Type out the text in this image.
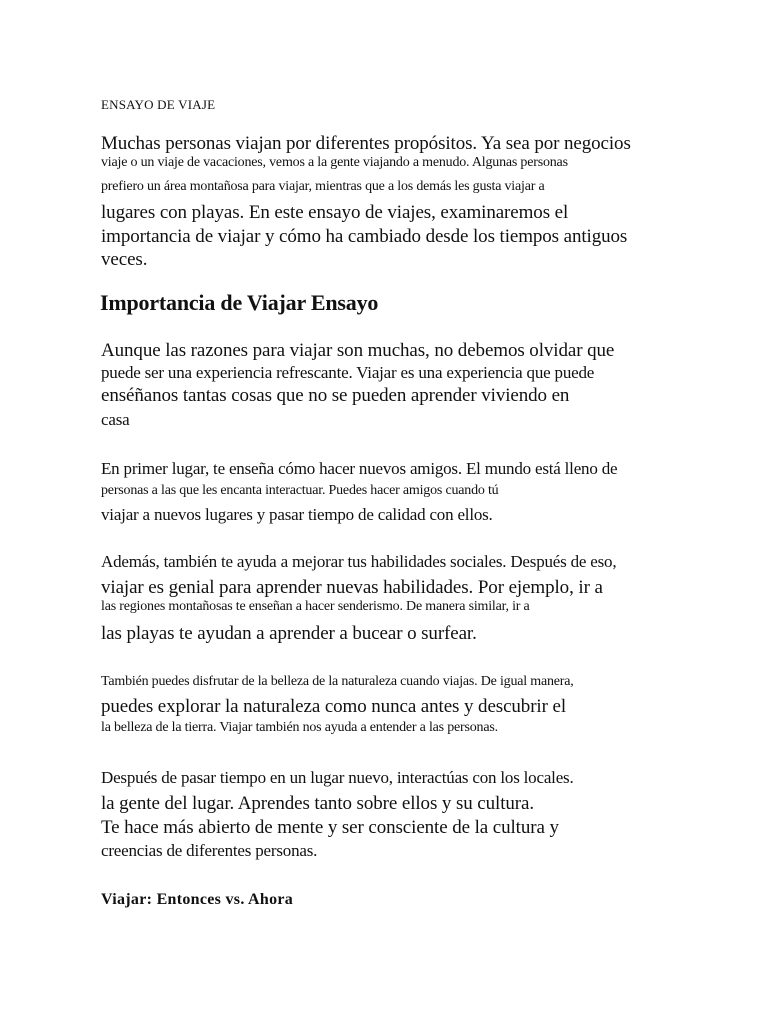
ENSAYO DE VIAJE
Muchas personas viajan por diferentes propósitos. Ya sea por negocios
viaje o un viaje de vacaciones, vemos a la gente viajando a menudo. Algunas personas
prefiero un área montañosa para viajar, mientras que a los demás les gusta viajar a
lugares con playas. En este ensayo de viajes, examinaremos el
importancia de viajar y cómo ha cambiado desde los tiempos antiguos
veces.
Importancia de Viajar Ensayo
Aunque las razones para viajar son muchas, no debemos olvidar que
puede ser una experiencia refrescante. Viajar es una experiencia que puede
enséñanos tantas cosas que no se pueden aprender viviendo en
casa
En primer lugar, te enseña cómo hacer nuevos amigos. El mundo está lleno de
personas a las que les encanta interactuar. Puedes hacer amigos cuando tú
viajar a nuevos lugares y pasar tiempo de calidad con ellos.
Además, también te ayuda a mejorar tus habilidades sociales. Después de eso,
viajar es genial para aprender nuevas habilidades. Por ejemplo, ir a
las regiones montañosas te enseñan a hacer senderismo. De manera similar, ir a
las playas te ayudan a aprender a bucear o surfear.
También puedes disfrutar de la belleza de la naturaleza cuando viajas. De igual manera,
puedes explorar la naturaleza como nunca antes y descubrir el
la belleza de la tierra. Viajar también nos ayuda a entender a las personas.
Después de pasar tiempo en un lugar nuevo, interactúas con los locales.
la gente del lugar. Aprendes tanto sobre ellos y su cultura.
Te hace más abierto de mente y ser consciente de la cultura y
creencias de diferentes personas.
Viajar: Entonces vs. Ahora
